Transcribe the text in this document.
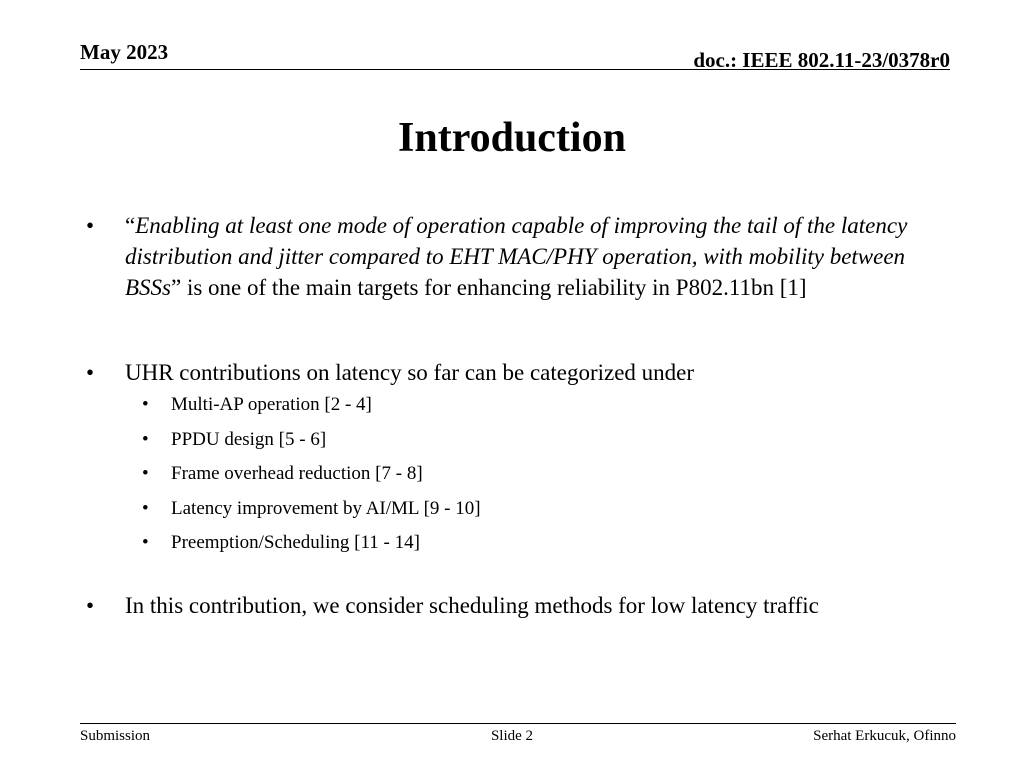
May 2023	doc.: IEEE 802.11-23/0378r0
Introduction
• “Enabling at least one mode of operation capable of improving the tail of the latency distribution and jitter compared to EHT MAC/PHY operation, with mobility between BSSs” is one of the main targets for enhancing reliability in P802.11bn [1]
• UHR contributions on latency so far can be categorized under
• Multi-AP operation [2 - 4]
• PPDU design [5 - 6]
• Frame overhead reduction [7 - 8]
• Latency improvement by AI/ML [9 - 10]
• Preemption/Scheduling [11 - 14]
• In this contribution, we consider scheduling methods for low latency traffic
Submission	Slide 2	Serhat Erkucuk, Ofinno
